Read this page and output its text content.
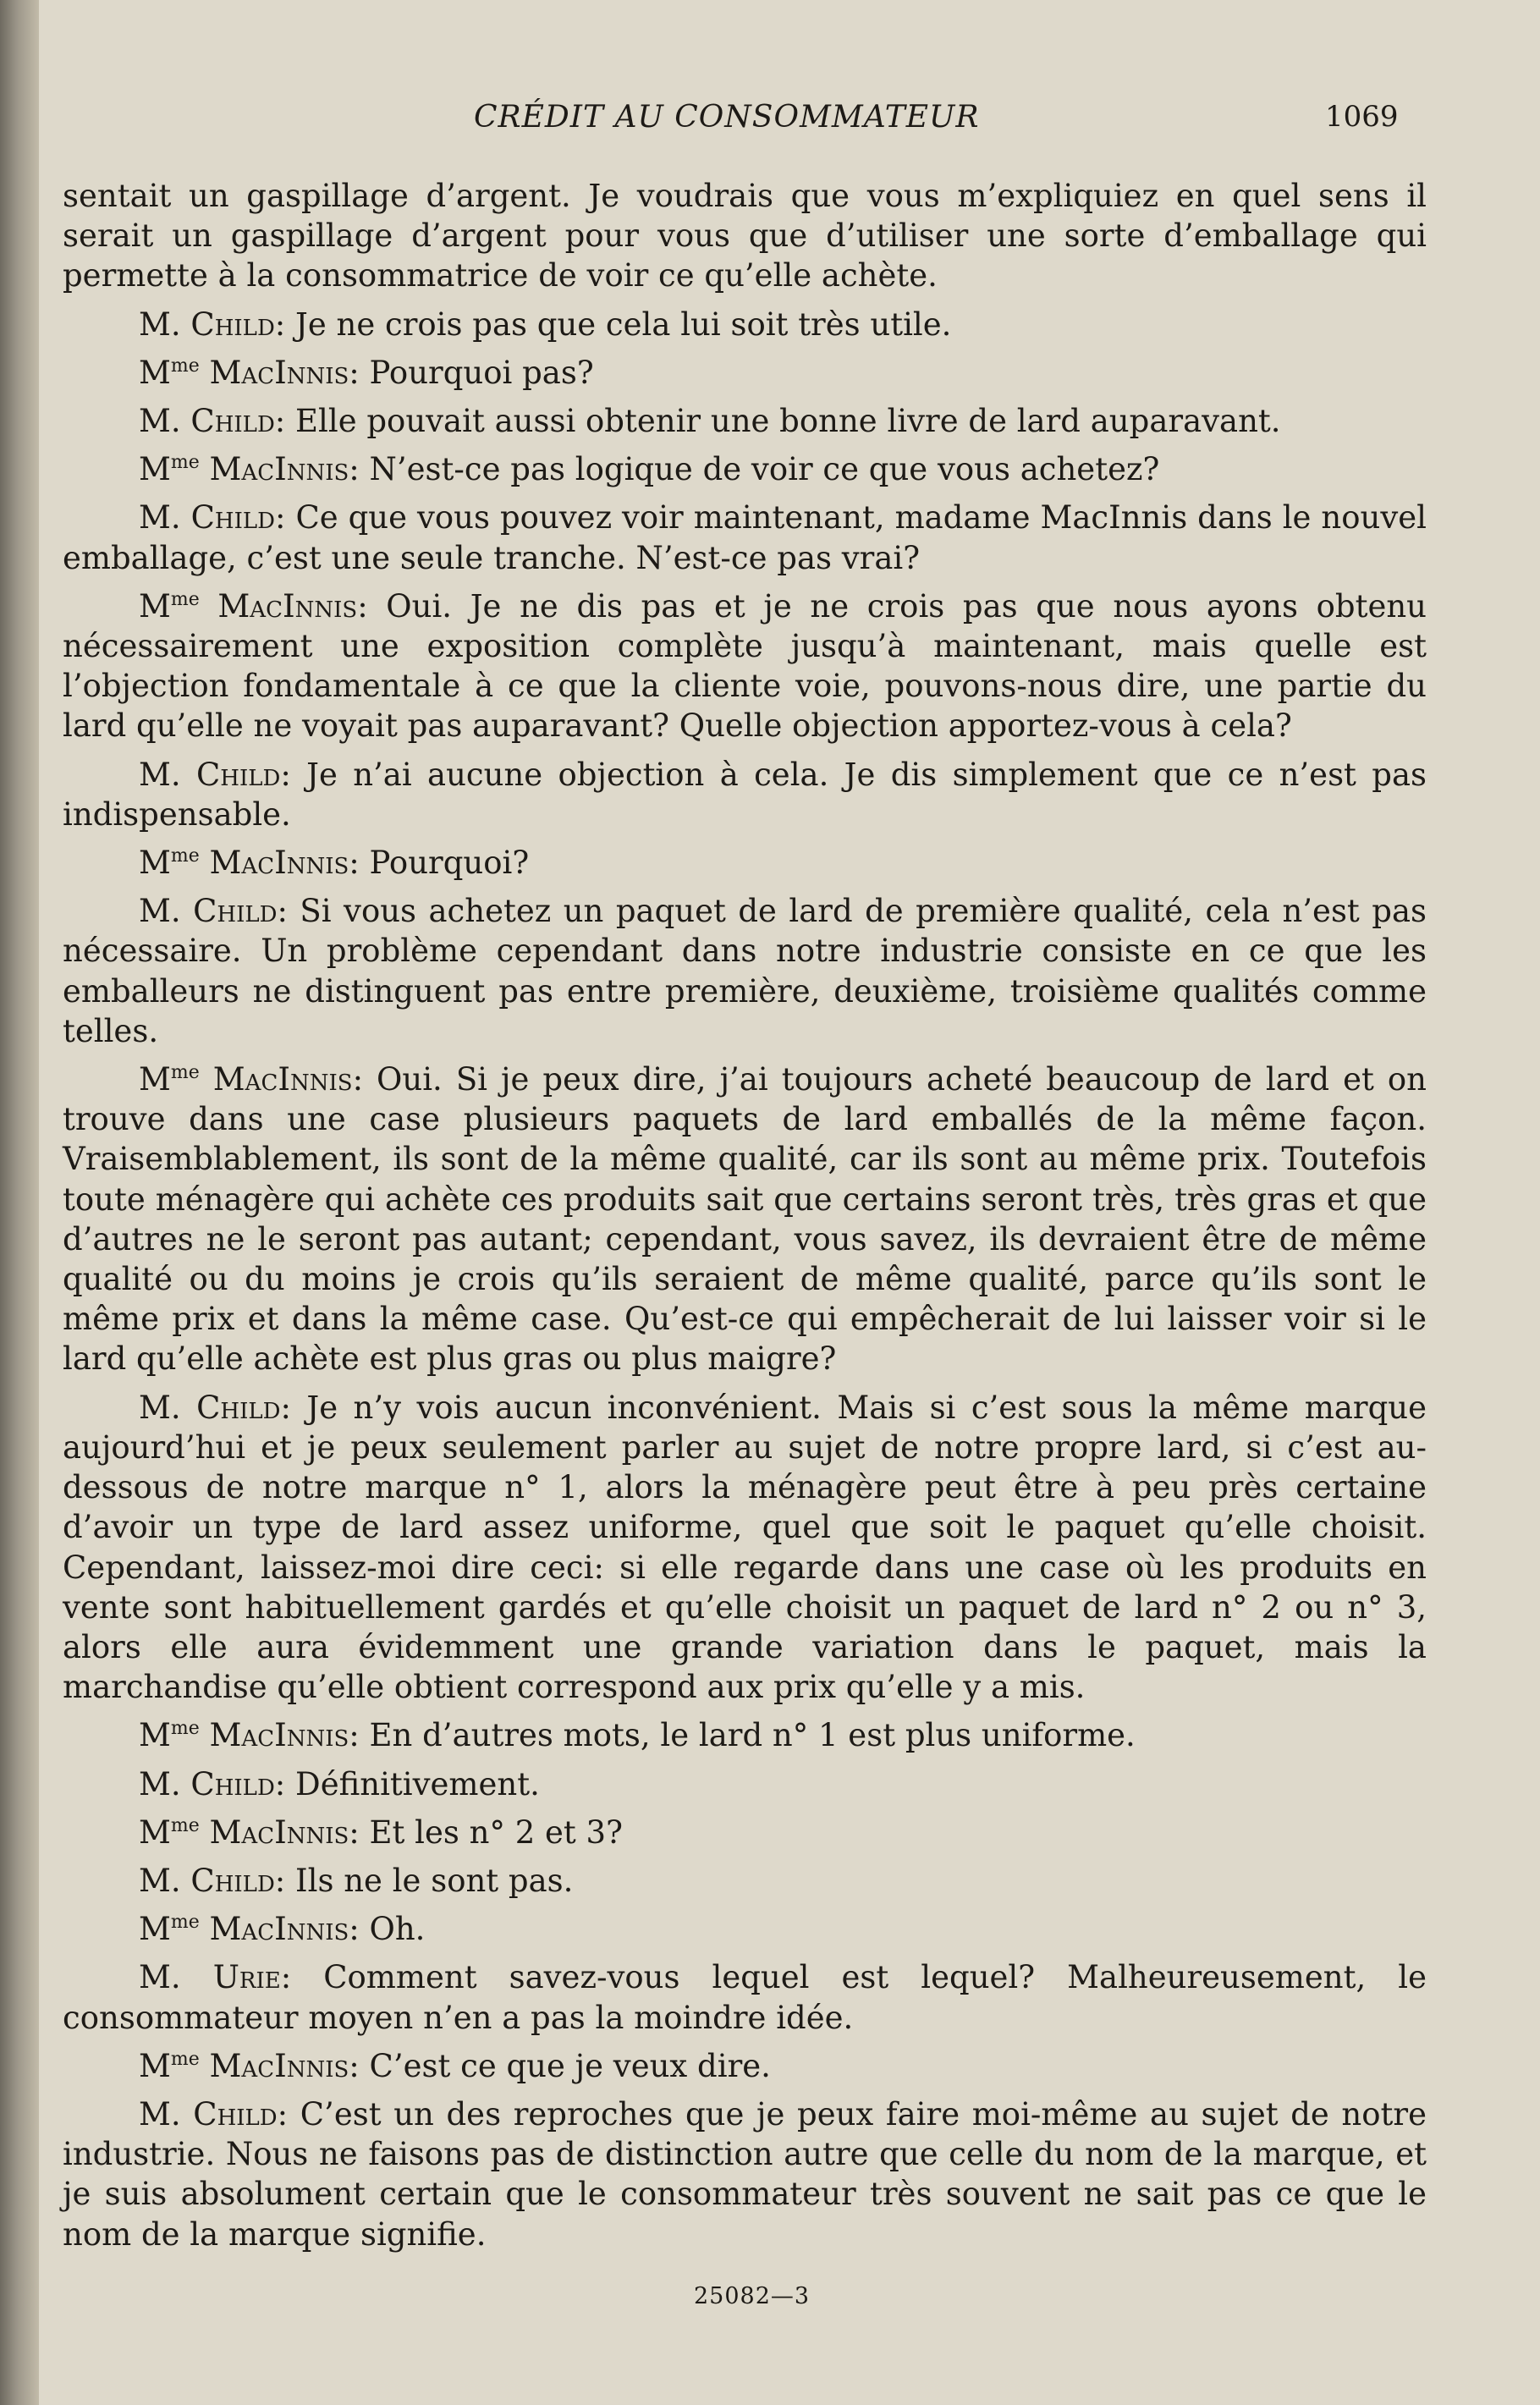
CRÉDIT AU CONSOMMATEUR	1069

sentait un gaspillage d’argent. Je voudrais que vous m’expliquiez en quel sens il serait un gaspillage d’argent pour vous que d’utiliser une sorte d’emballage qui permette à la consommatrice de voir ce qu’elle achète.

M. Child: Je ne crois pas que cela lui soit très utile.

$M^{me}$ MacInnis: Pourquoi pas?

M. Child: Elle pouvait aussi obtenir une bonne livre de lard auparavant.

$M^{me}$ MacInnis: N’est-ce pas logique de voir ce que vous achetez?

M. Child: Ce que vous pouvez voir maintenant, madame MacInnis dans le nouvel emballage, c’est une seule tranche. N’est-ce pas vrai?

$M^{me}$ MacInnis: Oui. Je ne dis pas et je ne crois pas que nous ayons obtenu nécessairement une exposition complète jusqu’à maintenant, mais quelle est l’objection fondamentale à ce que la cliente voie, pouvons-nous dire, une partie du lard qu’elle ne voyait pas auparavant? Quelle objection apportez-vous à cela?

M. Child: Je n’ai aucune objection à cela. Je dis simplement que ce n’est pas indispensable.

$M^{me}$ MacInnis: Pourquoi?

M. Child: Si vous achetez un paquet de lard de première qualité, cela n’est pas nécessaire. Un problème cependant dans notre industrie consiste en ce que les emballeurs ne distinguent pas entre première, deuxième, troisième qualités comme telles.

$M^{me}$ MacInnis: Oui. Si je peux dire, j’ai toujours acheté beaucoup de lard et on trouve dans une case plusieurs paquets de lard emballés de la même façon. Vraisemblablement, ils sont de la même qualité, car ils sont au même prix. Toutefois toute ménagère qui achète ces produits sait que certains seront très, très gras et que d’autres ne le seront pas autant; cependant, vous savez, ils devraient être de même qualité ou du moins je crois qu’ils seraient de même qualité, parce qu’ils sont le même prix et dans la même case. Qu’est-ce qui empêcherait de lui laisser voir si le lard qu’elle achète est plus gras ou plus maigre?

M. Child: Je n’y vois aucun inconvénient. Mais si c’est sous la même marque aujourd’hui et je peux seulement parler au sujet de notre propre lard, si c’est au-dessous de notre marque n° 1, alors la ménagère peut être à peu près certaine d’avoir un type de lard assez uniforme, quel que soit le paquet qu’elle choisit. Cependant, laissez-moi dire ceci: si elle regarde dans une case où les produits en vente sont habituellement gardés et qu’elle choisit un paquet de lard n° 2 ou n° 3, alors elle aura évidemment une grande variation dans le paquet, mais la marchandise qu’elle obtient correspond aux prix qu’elle y a mis.

$M^{me}$ MacInnis: En d’autres mots, le lard n° 1 est plus uniforme.

M. Child: Définitivement.

$M^{me}$ MacInnis: Et les n° 2 et 3?

M. Child: Ils ne le sont pas.

$M^{me}$ MacInnis: Oh.

M. Urie: Comment savez-vous lequel est lequel? Malheureusement, le consommateur moyen n’en a pas la moindre idée.

$M^{me}$ MacInnis: C’est ce que je veux dire.

M. Child: C’est un des reproches que je peux faire moi-même au sujet de notre industrie. Nous ne faisons pas de distinction autre que celle du nom de la marque, et je suis absolument certain que le consommateur très souvent ne sait pas ce que le nom de la marque signifie.

25082—3
